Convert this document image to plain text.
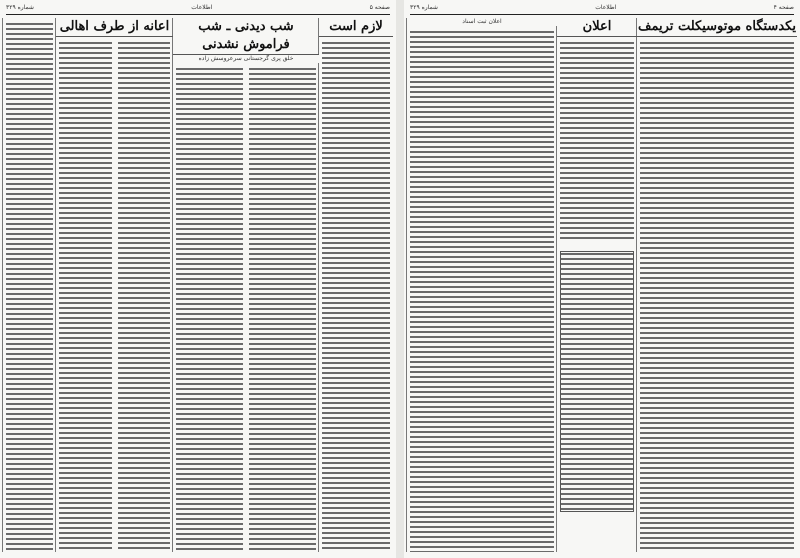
شماره ۳۲۹	اطلاعات	صفحه ۵
لازم است
شب دیدنی ـ شب فراموش نشدنی
خلق پری گرجستانی سرعروسش زاده
اعانه از طرف اهالی
شماره ۳۲۹	اطلاعات	صفحه ۴
یکدستگاه موتوسیکلت تریمف
اعلان
اعلان ثبت اسناد
